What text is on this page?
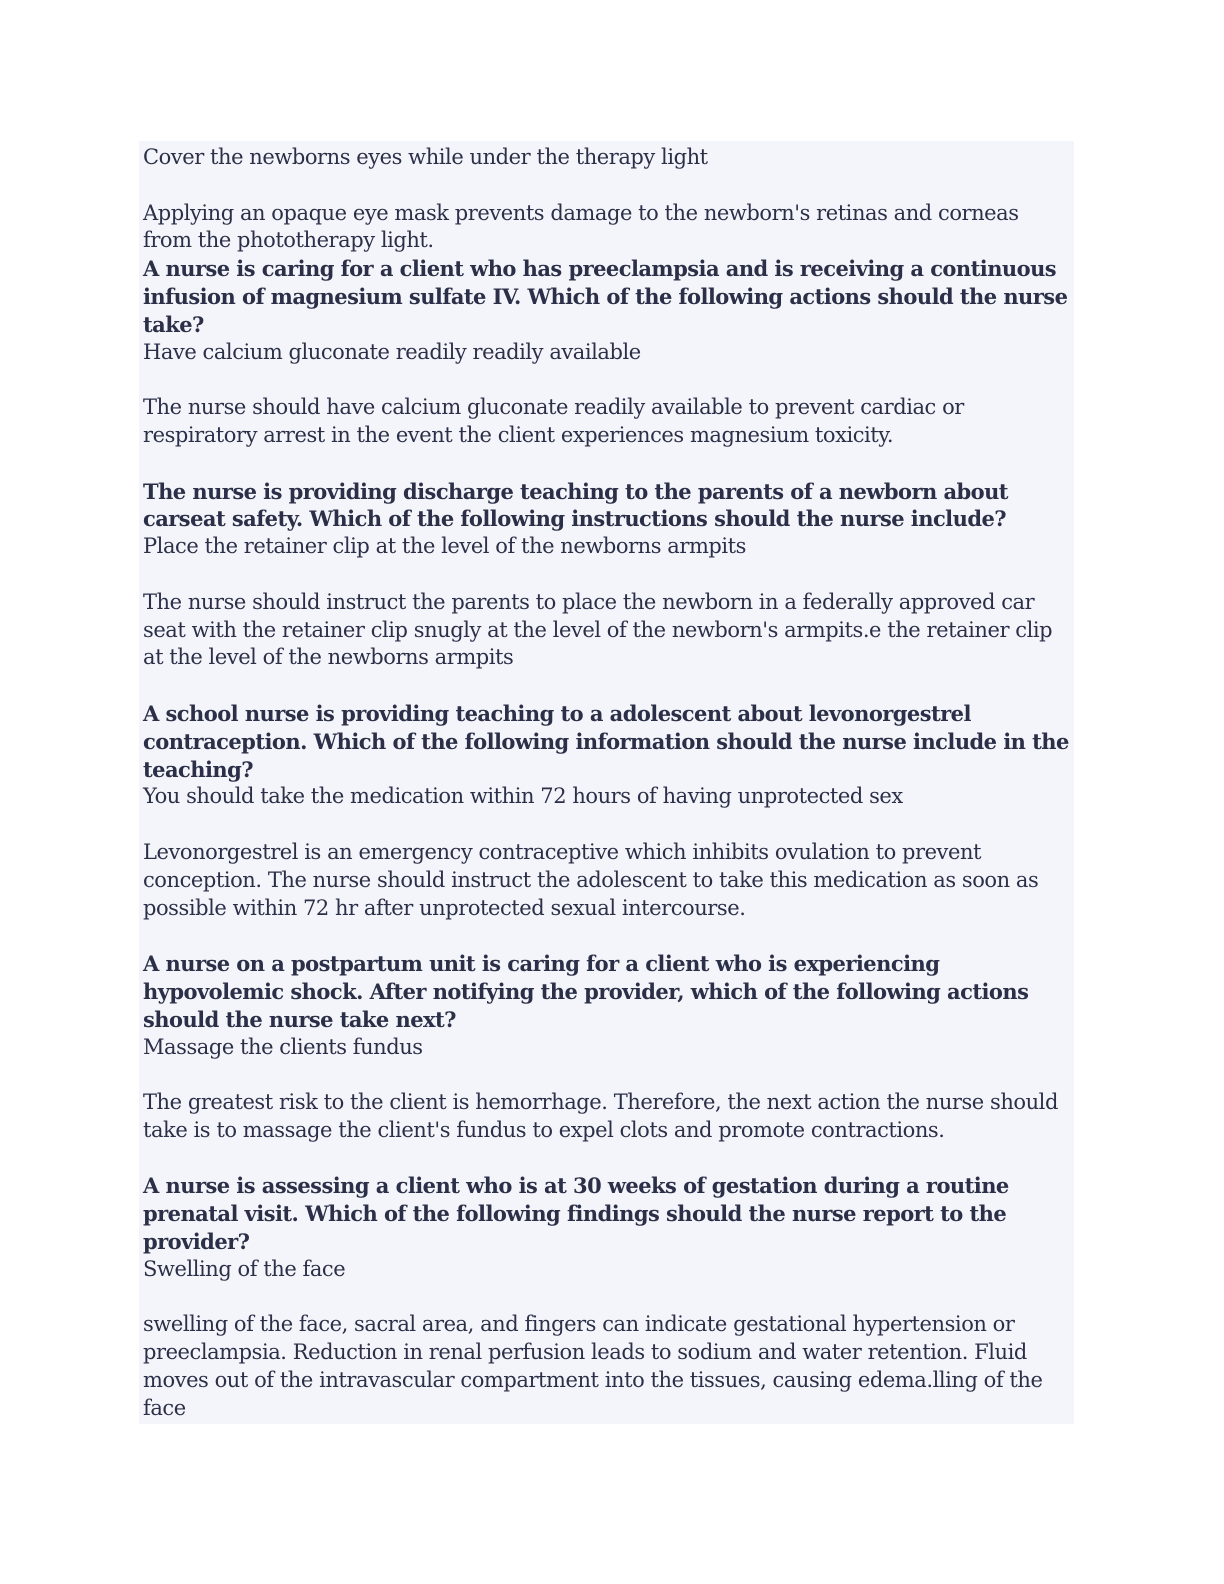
Cover the newborns eyes while under the therapy light
Applying an opaque eye mask prevents damage to the newborn's retinas and corneas from the phototherapy light.
A nurse is caring for a client who has preeclampsia and is receiving a continuous infusion of magnesium sulfate IV. Which of the following actions should the nurse take?
Have calcium gluconate readily readily available
The nurse should have calcium gluconate readily available to prevent cardiac or respiratory arrest in the event the client experiences magnesium toxicity.
The nurse is providing discharge teaching to the parents of a newborn about carseat safety. Which of the following instructions should the nurse include?
Place the retainer clip at the level of the newborns armpits
The nurse should instruct the parents to place the newborn in a federally approved car seat with the retainer clip snugly at the level of the newborn's armpits.e the retainer clip at the level of the newborns armpits
A school nurse is providing teaching to a adolescent about levonorgestrel contraception. Which of the following information should the nurse include in the teaching?
You should take the medication within 72 hours of having unprotected sex
Levonorgestrel is an emergency contraceptive which inhibits ovulation to prevent conception. The nurse should instruct the adolescent to take this medication as soon as possible within 72 hr after unprotected sexual intercourse.
A nurse on a postpartum unit is caring for a client who is experiencing hypovolemic shock. After notifying the provider, which of the following actions should the nurse take next?
Massage the clients fundus
The greatest risk to the client is hemorrhage. Therefore, the next action the nurse should take is to massage the client's fundus to expel clots and promote contractions.
A nurse is assessing a client who is at 30 weeks of gestation during a routine prenatal visit. Which of the following findings should the nurse report to the provider?
Swelling of the face
swelling of the face, sacral area, and fingers can indicate gestational hypertension or preeclampsia. Reduction in renal perfusion leads to sodium and water retention. Fluid moves out of the intravascular compartment into the tissues, causing edema.lling of the face
